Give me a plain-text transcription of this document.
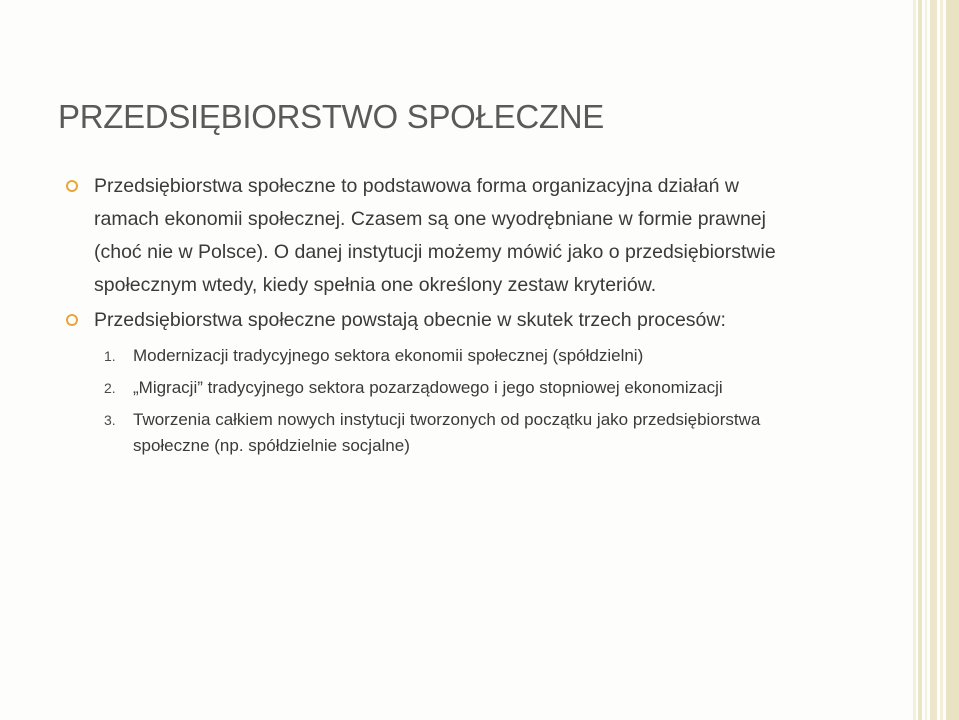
PRZEDSIĘBIORSTWO SPOŁECZNE
Przedsiębiorstwa społeczne to podstawowa forma organizacyjna działań w ramach ekonomii społecznej. Czasem są one wyodrębniane w formie prawnej (choć nie w Polsce). O danej instytucji możemy mówić jako o przedsiębiorstwie społecznym wtedy, kiedy spełnia one określony zestaw kryteriów.
Przedsiębiorstwa społeczne powstają obecnie w skutek trzech procesów:
1. Modernizacji tradycyjnego sektora ekonomii społecznej (spółdzielni)
2. „Migracji” tradycyjnego sektora pozarządowego i jego stopniowej ekonomizacji
3. Tworzenia całkiem nowych instytucji tworzonych od początku jako przedsiębiorstwa społeczne (np. spółdzielnie socjalne)
